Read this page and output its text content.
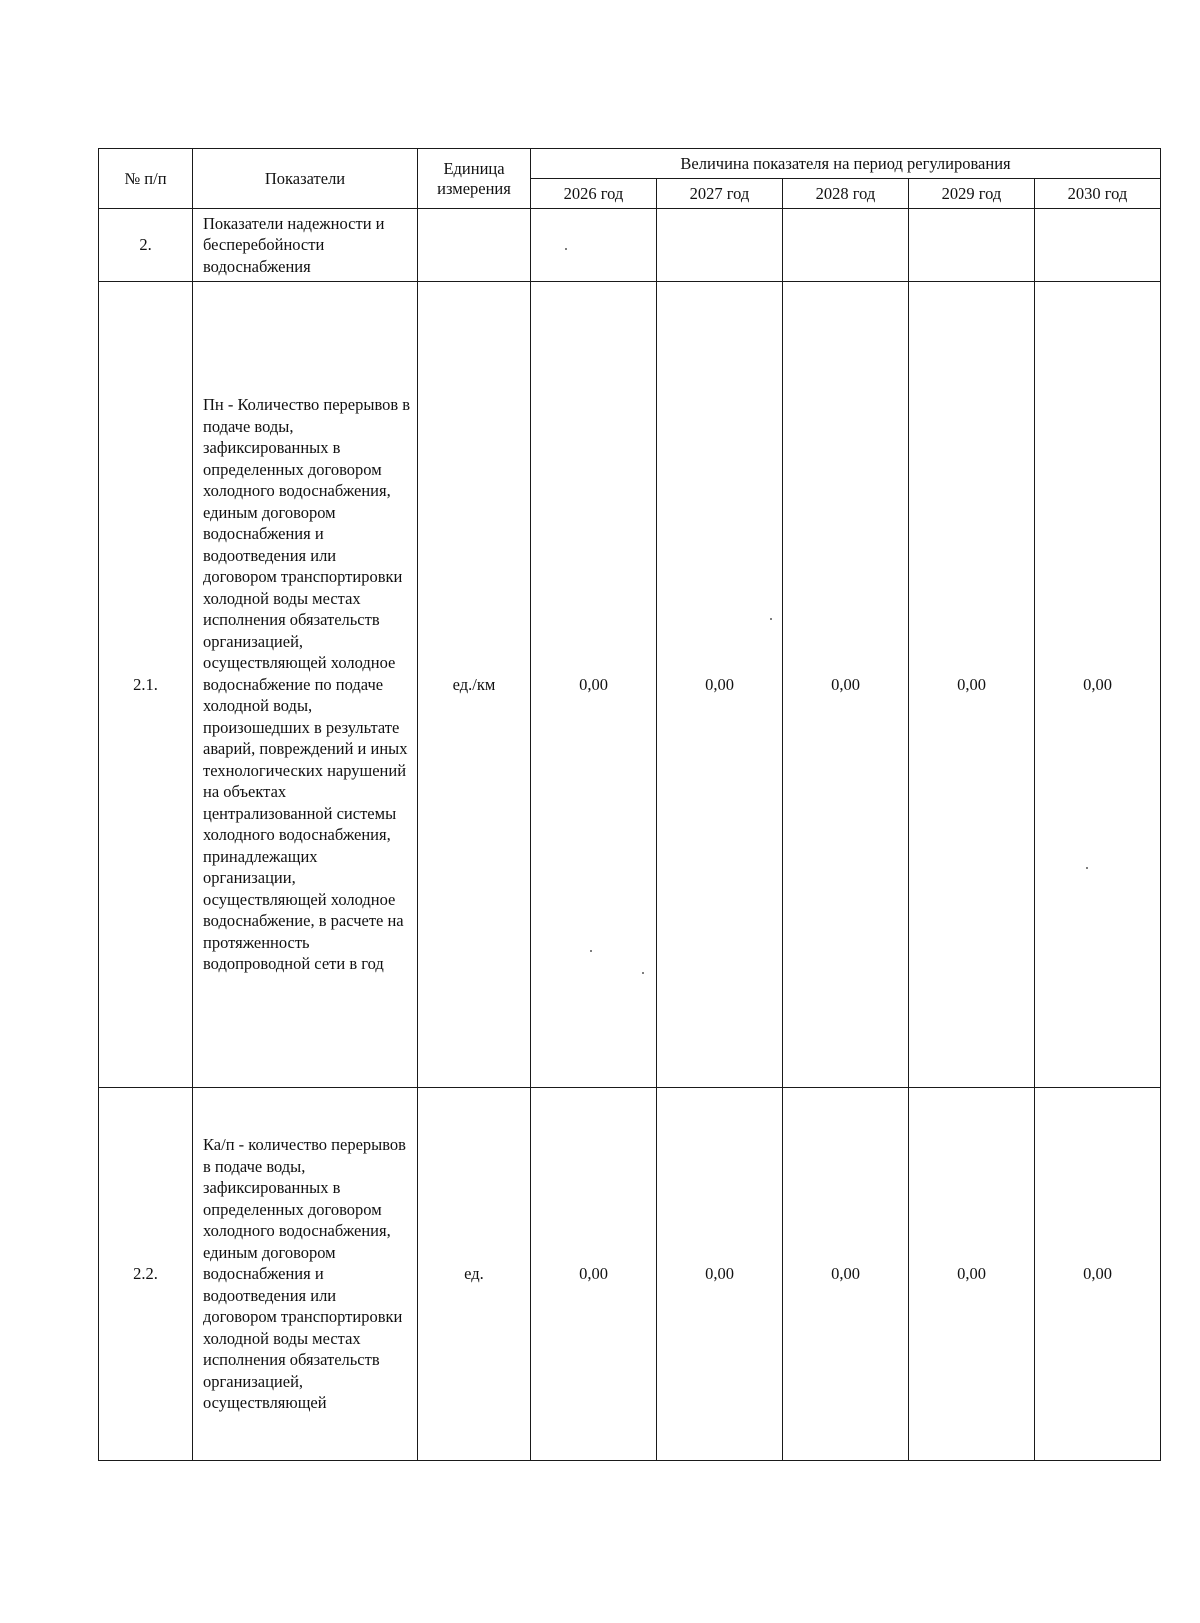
№ п/п	Показатели	Единица измерения	Величина показателя на период регулирования				
			2026 год	2027 год	2028 год	2029 год	2030 год
2.	Показатели надежности и бесперебойности водоснабжения						
2.1.	Пн - Количество перерывов в подаче воды, зафиксированных в определенных договором холодного водоснабжения, единым договором водоснабжения и водоотведения или договором транспортировки холодной воды местах исполнения обязательств организацией, осуществляющей холодное водоснабжение по подаче холодной воды, произошедших в результате аварий, повреждений и иных технологических нарушений на объектах централизованной системы холодного водоснабжения, принадлежащих организации, осуществляющей холодное водоснабжение, в расчете на протяженность водопроводной сети в год	ед./км	0,00	0,00	0,00	0,00	0,00
2.2.	Ка/п - количество перерывов в подаче воды, зафиксированных в определенных договором холодного водоснабжения, единым договором водоснабжения и водоотведения или договором транспортировки холодной воды местах исполнения обязательств организацией, осуществляющей	ед.	0,00	0,00	0,00	0,00	0,00
